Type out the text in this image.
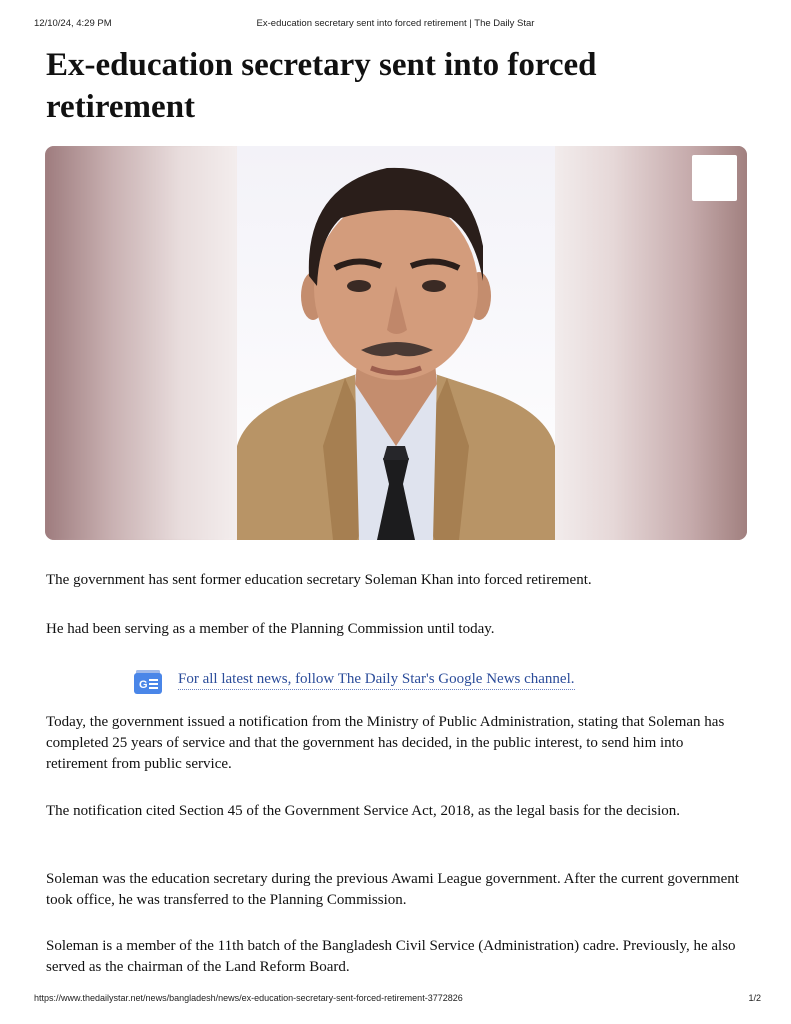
12/10/24, 4:29 PM	Ex-education secretary sent into forced retirement | The Daily Star
Ex-education secretary sent into forced retirement

The government has sent former education secretary Soleman Khan into forced retirement.

He had been serving as a member of the Planning Commission until today.

G For all latest news, follow The Daily Star's Google News channel.

Today, the government issued a notification from the Ministry of Public Administration, stating that Soleman has completed 25 years of service and that the government has decided, in the public interest, to send him into retirement from public service.

The notification cited Section 45 of the Government Service Act, 2018, as the legal basis for the decision.

Soleman was the education secretary during the previous Awami League government. After the current government took office, he was transferred to the Planning Commission.

Soleman is a member of the 11th batch of the Bangladesh Civil Service (Administration) cadre. Previously, he also served as the chairman of the Land Reform Board.

https://www.thedailystar.net/news/bangladesh/news/ex-education-secretary-sent-forced-retirement-3772826	1/2
